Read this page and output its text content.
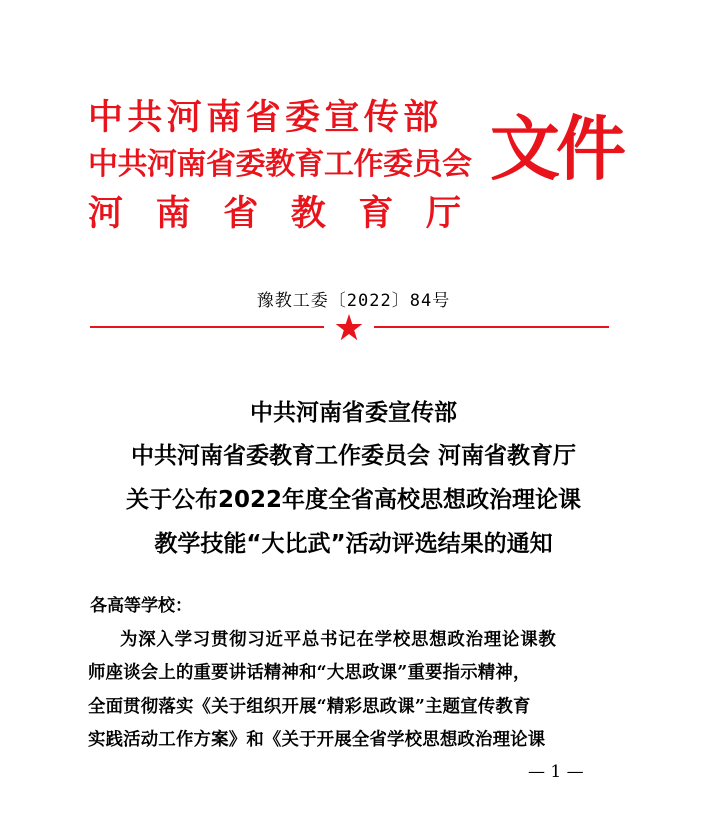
中共河南省委宣传部
中共河南省委教育工作委员会
河南省教育厅
文件
豫教工委〔2022〕84号
中共河南省委宣传部
中共河南省委教育工作委员会 河南省教育厅
关于公布2022年度全省高校思想政治理论课
教学技能“大比武”活动评选结果的通知
各高等学校：
为深入学习贯彻习近平总书记在学校思想政治理论课教
师座谈会上的重要讲话精神和“大思政课”重要指示精神，
全面贯彻落实《关于组织开展“精彩思政课”主题宣传教育
实践活动工作方案》和《关于开展全省学校思想政治理论课
— 1 —
